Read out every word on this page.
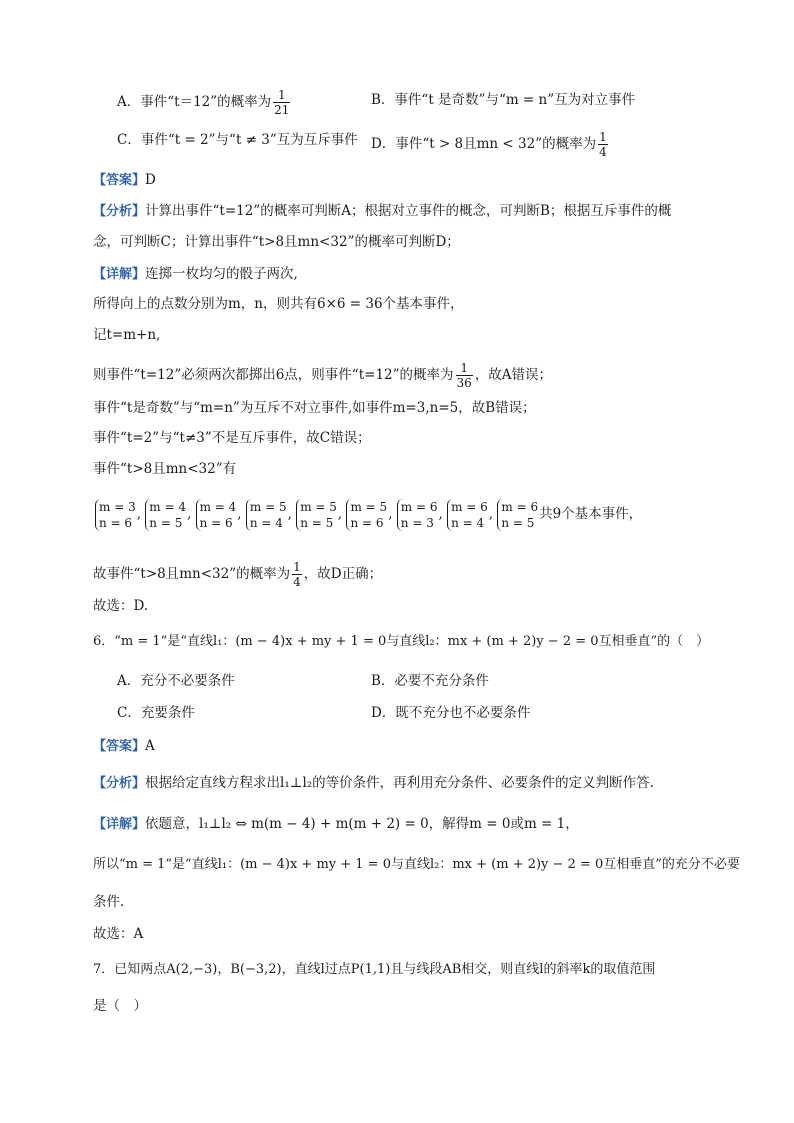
A．事件“t＝12”的概率为 $\frac{1}{21}$	B．事件“t 是奇数”与“m = n”互为对立事件
C．事件“t = 2”与“t ≠ 3”互为互斥事件 D．事件“t > 8且mn < 32”的概率为 $\frac{1}{4}$
【答案】D
【分析】计算出事件“t=12”的概率可判断A；根据对立事件的概念，可判断B；根据互斥事件的概
念，可判断C；计算出事件“t>8且mn<32”的概率可判断D；
【详解】连掷一枚均匀的骰子两次,
所得向上的点数分别为m，n，则共有6×6 = 36个基本事件，
记t=m+n,
则事件“t=12”必须两次都掷出6点，则事件“t=12”的概率为 $\frac{1}{36}$ ，故A错误；
事件“t是奇数”与“m=n”为互斥不对立事件,如事件m=3,n=5，故B错误；
事件“t=2”与“t≠3”不是互斥事件，故C错误；
事件“t>8且mn<32”有
m = 3
n = 6
, m = 4
n = 5
, m = 4
n = 6
, m = 5
n = 4
, m = 5
n = 5
, m = 5
n = 6
, m = 6
n = 3
, m = 6
n = 4
, m = 6
n = 5
共9个基本事件，
故事件“t>8且mn<32”的概率为 $\frac{1}{4}$ ，故D正确；
故选：D.
6．“m = 1”是“直线l₁：(m − 4)x + my + 1 = 0与直线l₂：mx + (m + 2)y − 2 = 0互相垂直”的（　）
A．充分不必要条件	B．必要不充分条件
C．充要条件	D．既不充分也不必要条件
【答案】A
【分析】根据给定直线方程求出l₁⊥l₂的等价条件，再利用充分条件、必要条件的定义判断作答.
【详解】依题意，l₁⊥l₂ ⇔ m(m − 4) + m(m + 2) = 0，解得m = 0或m = 1，
所以“m = 1”是“直线l₁：(m − 4)x + my + 1 = 0与直线l₂：mx + (m + 2)y − 2 = 0互相垂直”的充分不必要
条件.
故选：A
7．已知两点A(2,−3)，B(−3,2)，直线l过点P(1,1)且与线段AB相交，则直线l的斜率k的取值范围
是（　）
